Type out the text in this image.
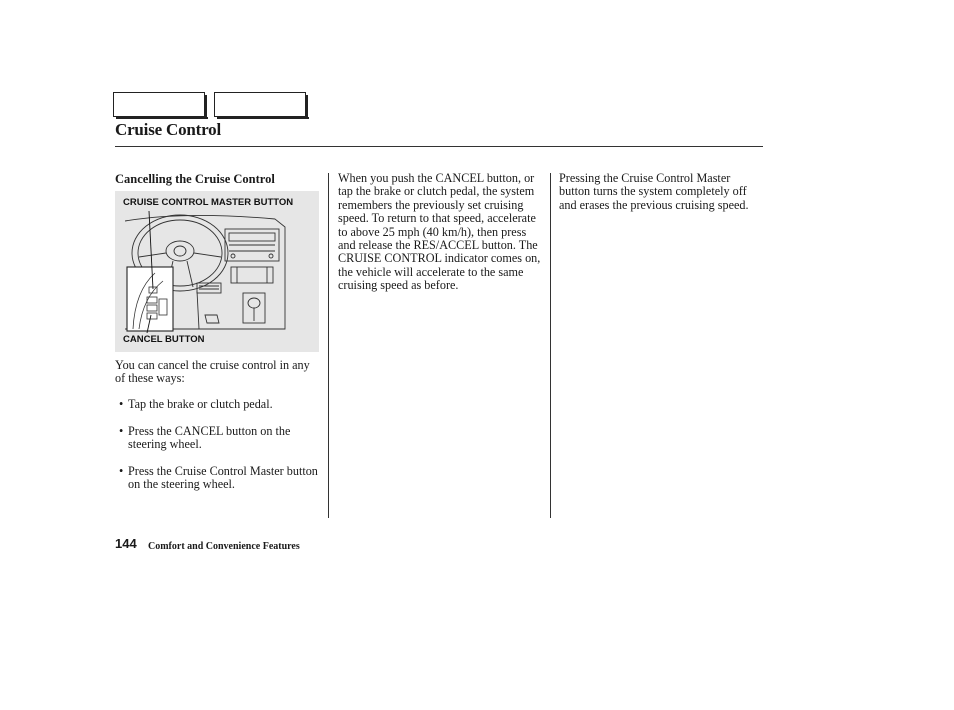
Cruise Control
Cancelling the Cruise Control
CRUISE CONTROL MASTER BUTTON
CANCEL BUTTON
You can cancel the cruise control in any of these ways:
• Tap the brake or clutch pedal.
• Press the CANCEL button on the steering wheel.
• Press the Cruise Control Master button on the steering wheel.
When you push the CANCEL button, or tap the brake or clutch pedal, the system remembers the previously set cruising speed. To return to that speed, accelerate to above 25 mph (40 km/h), then press and release the RES/ACCEL button. The CRUISE CONTROL indicator comes on, the vehicle will accelerate to the same cruising speed as before.
Pressing the Cruise Control Master button turns the system completely off and erases the previous cruising speed.
144 Comfort and Convenience Features
